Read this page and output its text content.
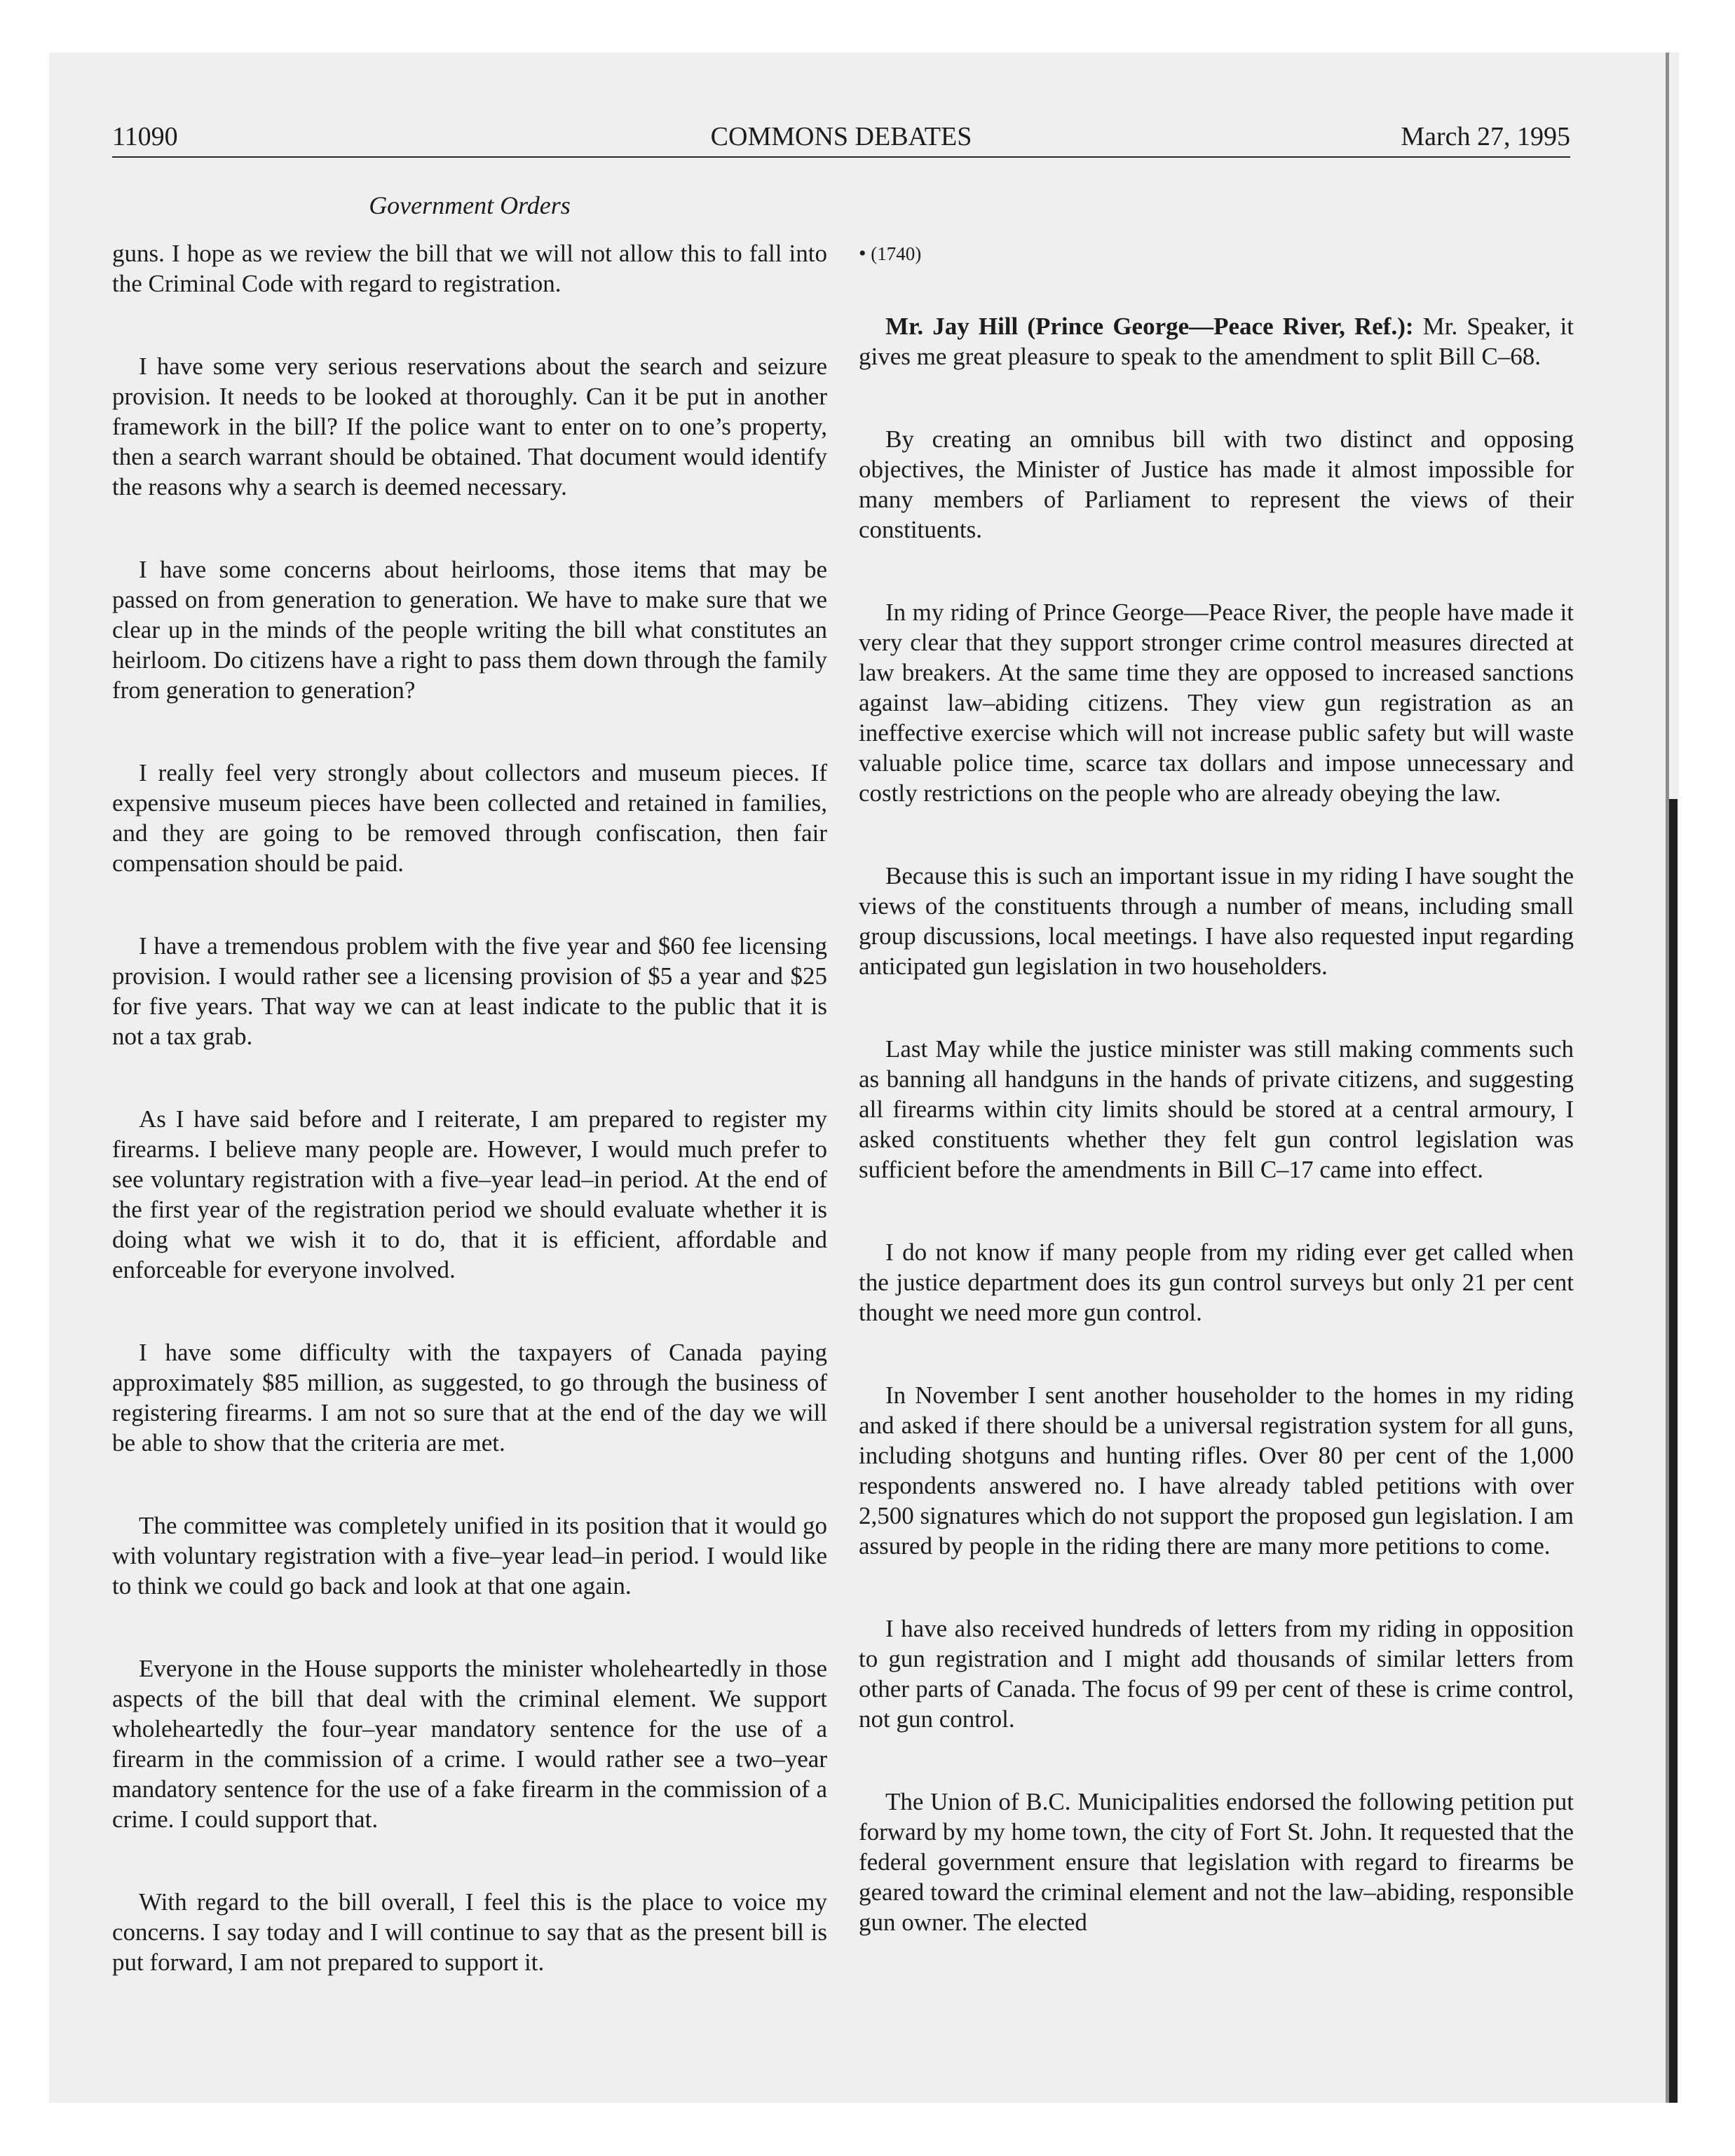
11090	COMMONS DEBATES	March 27, 1995
Government Orders

guns. I hope as we review the bill that we will not allow this to fall into the Criminal Code with regard to registration.

I have some very serious reservations about the search and seizure provision. It needs to be looked at thoroughly. Can it be put in another framework in the bill? If the police want to enter on to one’s property, then a search warrant should be obtained. That document would identify the reasons why a search is deemed necessary.

I have some concerns about heirlooms, those items that may be passed on from generation to generation. We have to make sure that we clear up in the minds of the people writing the bill what constitutes an heirloom. Do citizens have a right to pass them down through the family from generation to generation?

I really feel very strongly about collectors and museum pieces. If expensive museum pieces have been collected and retained in families, and they are going to be removed through confiscation, then fair compensation should be paid.

I have a tremendous problem with the five year and $60 fee licensing provision. I would rather see a licensing provision of $5 a year and $25 for five years. That way we can at least indicate to the public that it is not a tax grab.

As I have said before and I reiterate, I am prepared to register my firearms. I believe many people are. However, I would much prefer to see voluntary registration with a five–year lead–in period. At the end of the first year of the registration period we should evaluate whether it is doing what we wish it to do, that it is efficient, affordable and enforceable for everyone involved.

I have some difficulty with the taxpayers of Canada paying approximately $85 million, as suggested, to go through the business of registering firearms. I am not so sure that at the end of the day we will be able to show that the criteria are met.

The committee was completely unified in its position that it would go with voluntary registration with a five–year lead–in period. I would like to think we could go back and look at that one again.

Everyone in the House supports the minister wholeheartedly in those aspects of the bill that deal with the criminal element. We support wholeheartedly the four–year mandatory sentence for the use of a firearm in the commission of a crime. I would rather see a two–year mandatory sentence for the use of a fake firearm in the commission of a crime. I could support that.

With regard to the bill overall, I feel this is the place to voice my concerns. I say today and I will continue to say that as the present bill is put forward, I am not prepared to support it.

• (1740)

Mr. Jay Hill (Prince George—Peace River, Ref.): Mr. Speaker, it gives me great pleasure to speak to the amendment to split Bill C–68.

By creating an omnibus bill with two distinct and opposing objectives, the Minister of Justice has made it almost impossible for many members of Parliament to represent the views of their constituents.

In my riding of Prince George—Peace River, the people have made it very clear that they support stronger crime control measures directed at law breakers. At the same time they are opposed to increased sanctions against law–abiding citizens. They view gun registration as an ineffective exercise which will not increase public safety but will waste valuable police time, scarce tax dollars and impose unnecessary and costly restrictions on the people who are already obeying the law.

Because this is such an important issue in my riding I have sought the views of the constituents through a number of means, including small group discussions, local meetings. I have also requested input regarding anticipated gun legislation in two householders.

Last May while the justice minister was still making comments such as banning all handguns in the hands of private citizens, and suggesting all firearms within city limits should be stored at a central armoury, I asked constituents whether they felt gun control legislation was sufficient before the amendments in Bill C–17 came into effect.

I do not know if many people from my riding ever get called when the justice department does its gun control surveys but only 21 per cent thought we need more gun control.

In November I sent another householder to the homes in my riding and asked if there should be a universal registration system for all guns, including shotguns and hunting rifles. Over 80 per cent of the 1,000 respondents answered no. I have already tabled petitions with over 2,500 signatures which do not support the proposed gun legislation. I am assured by people in the riding there are many more petitions to come.

I have also received hundreds of letters from my riding in opposition to gun registration and I might add thousands of similar letters from other parts of Canada. The focus of 99 per cent of these is crime control, not gun control.

The Union of B.C. Municipalities endorsed the following petition put forward by my home town, the city of Fort St. John. It requested that the federal government ensure that legislation with regard to firearms be geared toward the criminal element and not the law–abiding, responsible gun owner. The elected
